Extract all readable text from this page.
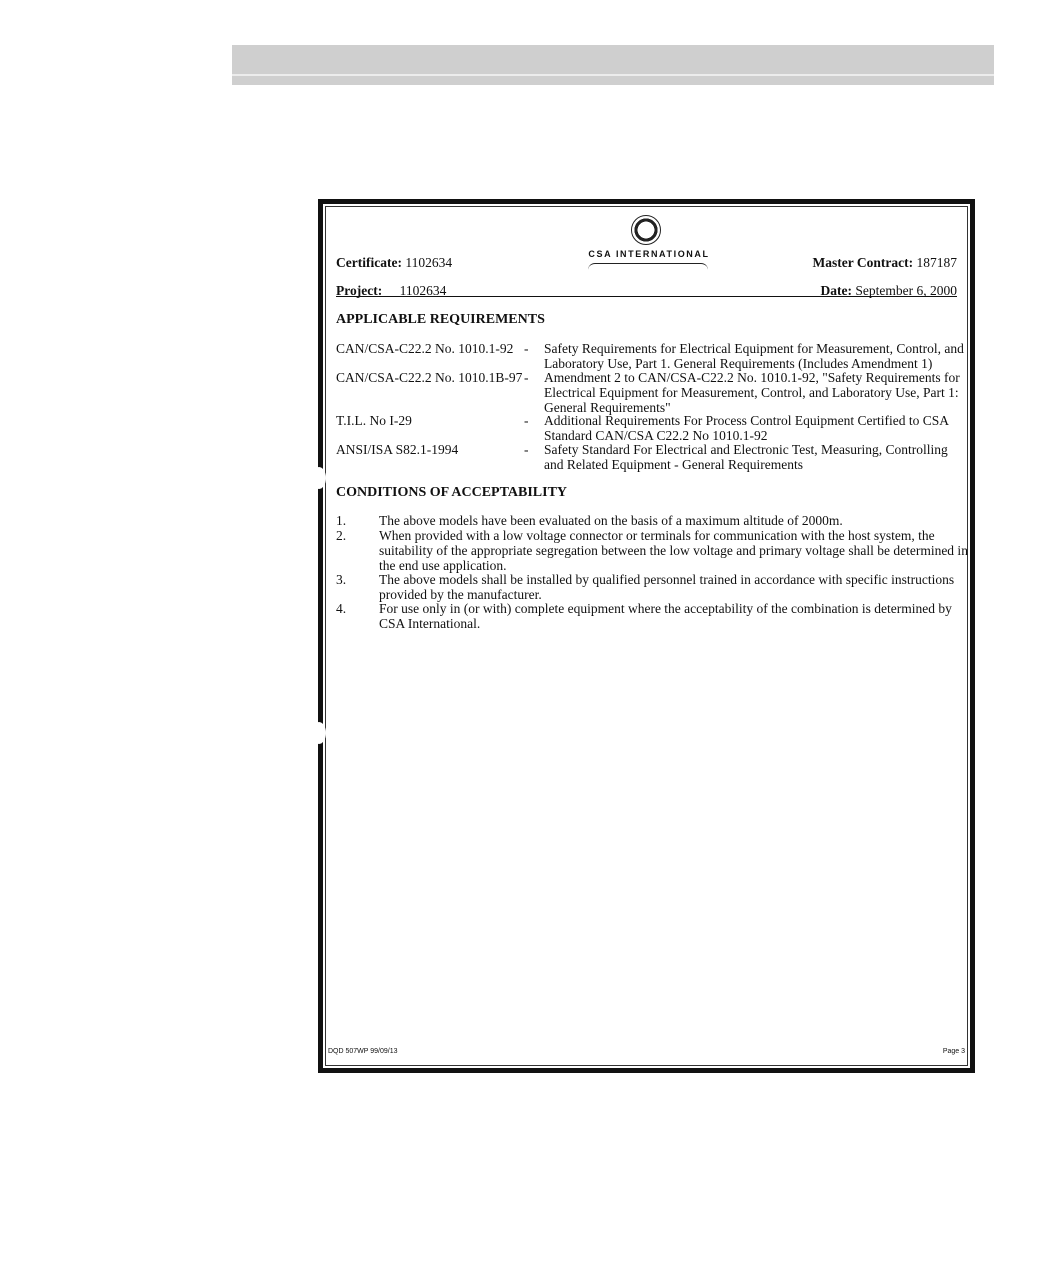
CSA INTERNATIONAL
Certificate: 1102634	Master Contract: 187187
Project: 1102634	Date: September 6, 2000
APPLICABLE REQUIREMENTS
CAN/CSA-C22.2 No. 1010.1-92 - Safety Requirements for Electrical Equipment for Measurement, Control, and Laboratory Use, Part 1. General Requirements (Includes Amendment 1)
CAN/CSA-C22.2 No. 1010.1B-97 - Amendment 2 to CAN/CSA-C22.2 No. 1010.1-92, "Safety Requirements for Electrical Equipment for Measurement, Control, and Laboratory Use, Part 1: General Requirements"
T.I.L. No I-29	- Additional Requirements For Process Control Equipment Certified to CSA Standard CAN/CSA C22.2 No 1010.1-92
ANSI/ISA S82.1-1994	- Safety Standard For Electrical and Electronic Test, Measuring, Controlling and Related Equipment - General Requirements
CONDITIONS OF ACCEPTABILITY
1. The above models have been evaluated on the basis of a maximum altitude of 2000m.
2. When provided with a low voltage connector or terminals for communication with the host system, the suitability of the appropriate segregation between the low voltage and primary voltage shall be determined in the end use application.
3. The above models shall be installed by qualified personnel trained in accordance with specific instructions provided by the manufacturer.
4. For use only in (or with) complete equipment where the acceptability of the combination is determined by CSA International.
DQD 507WP 99/09/13	Page 3
